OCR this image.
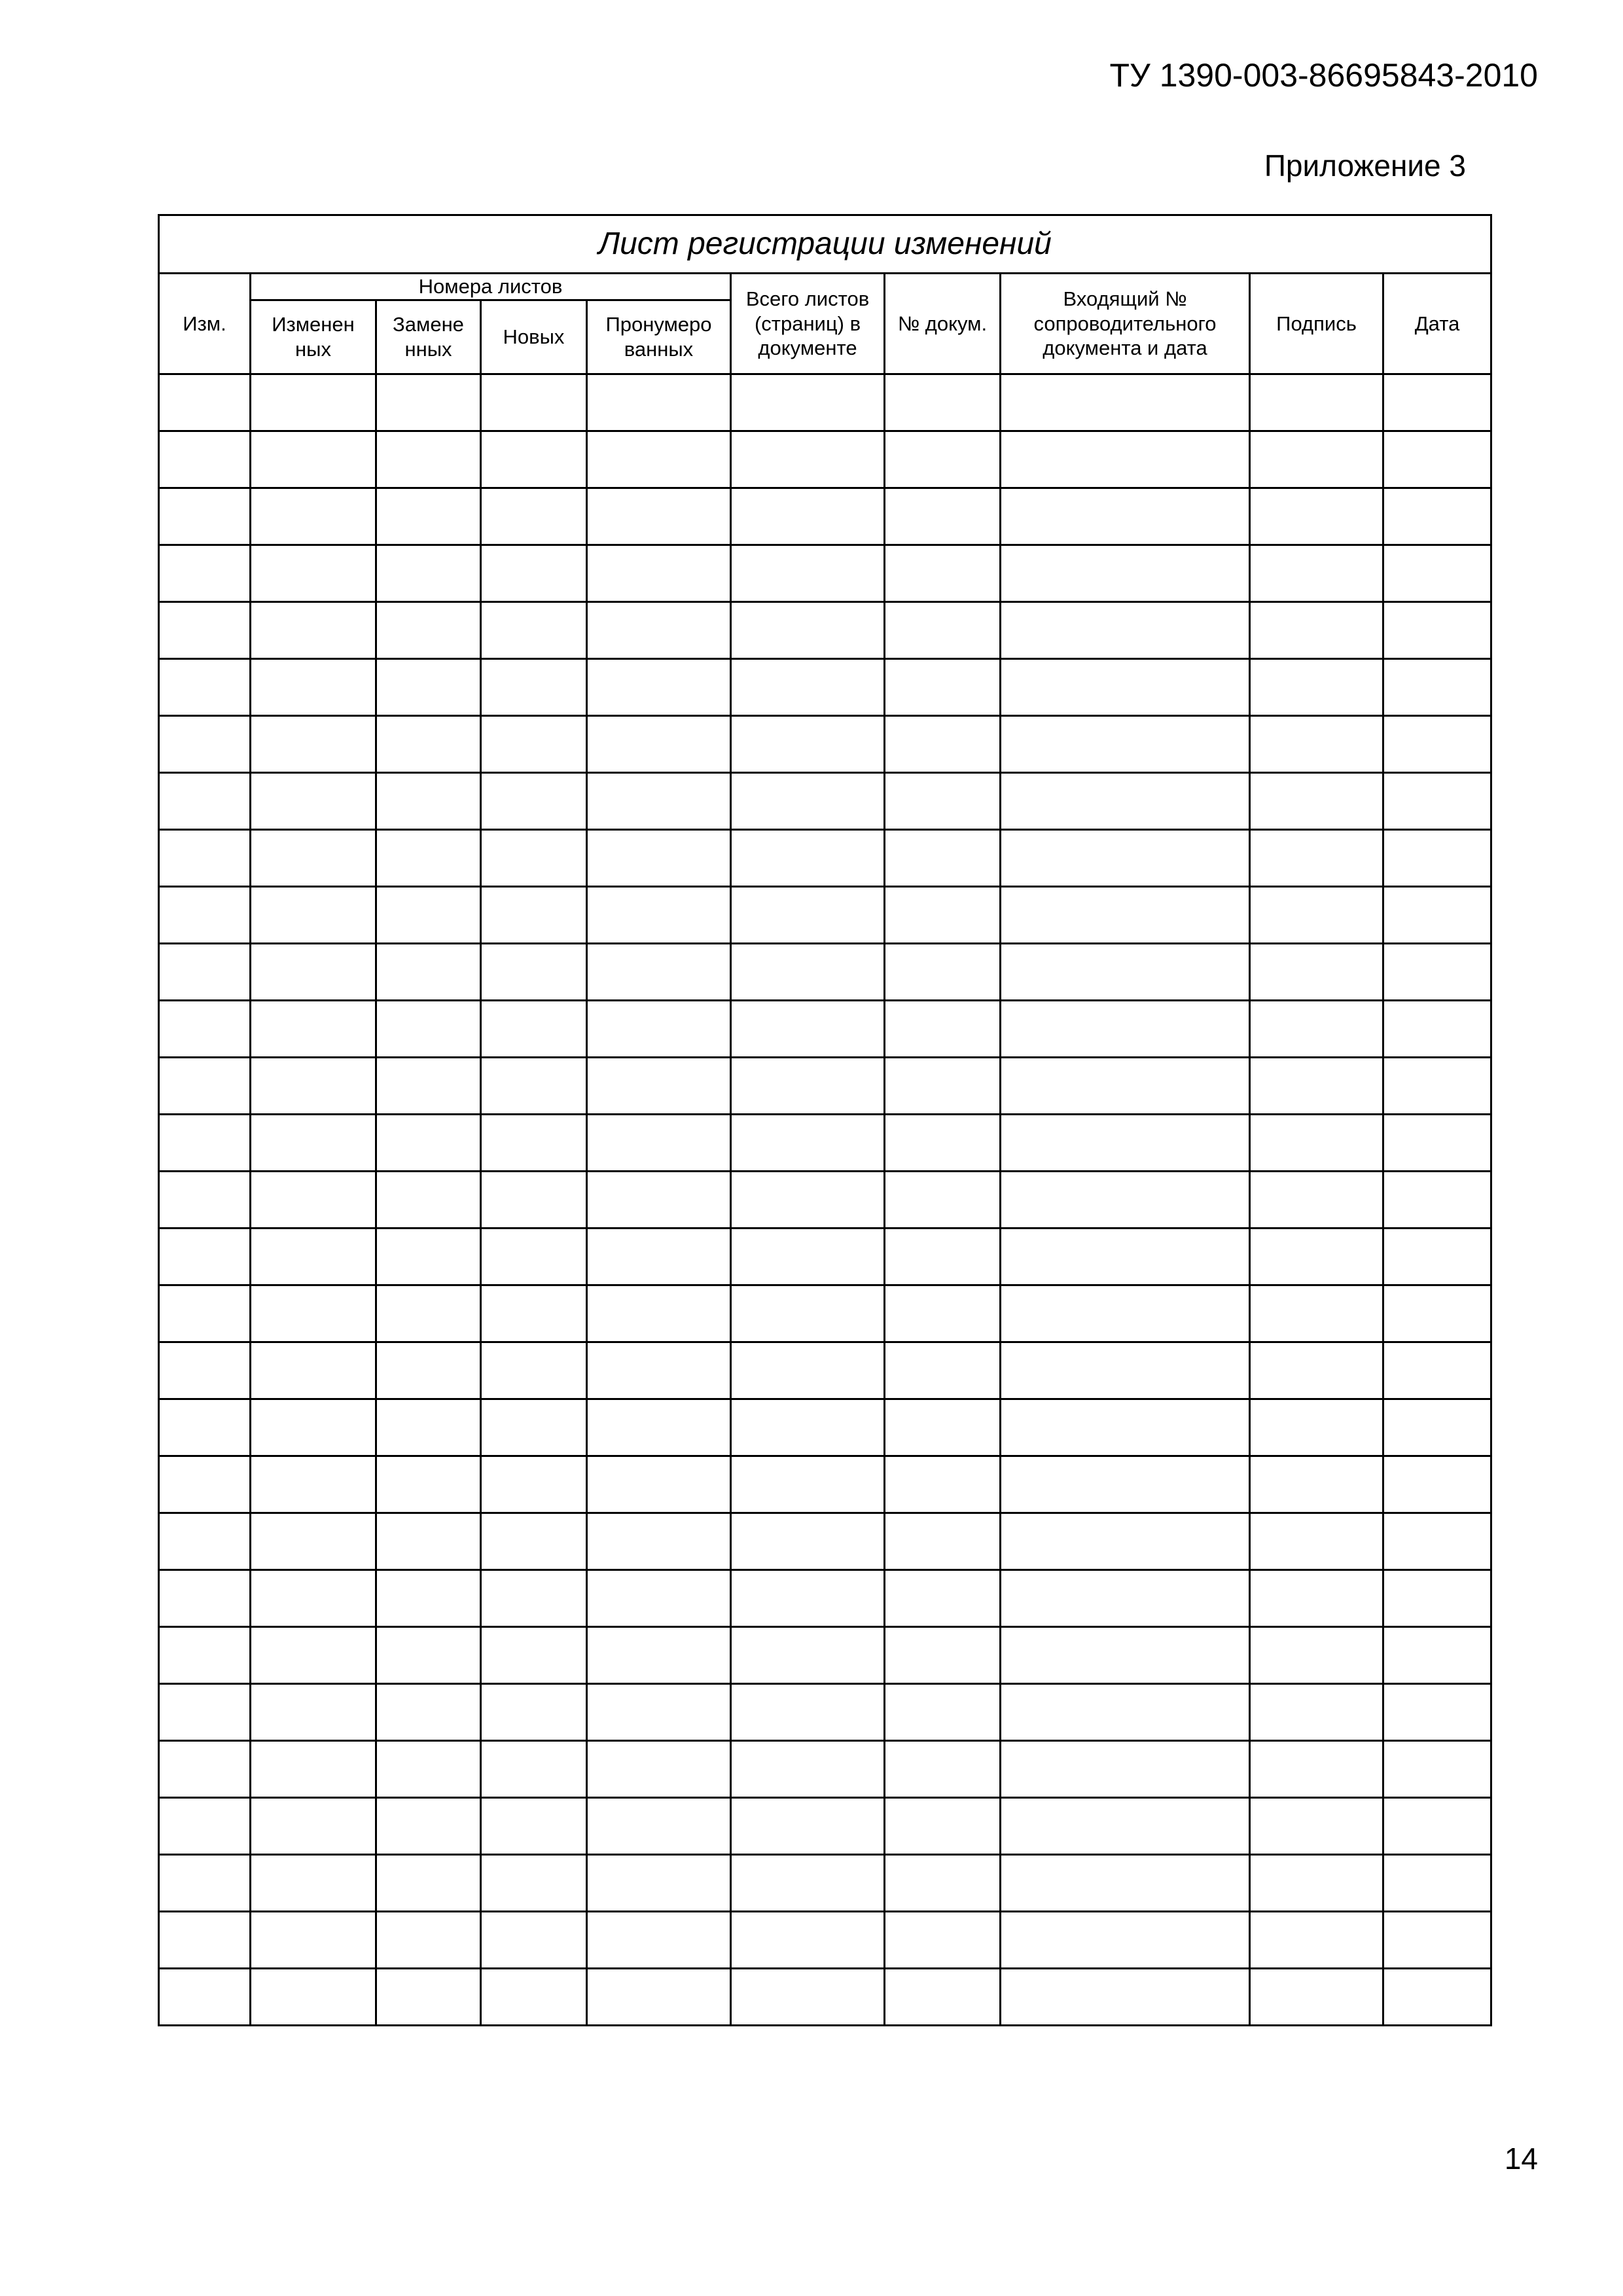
ТУ 1390-003-86695843-2010
Приложение 3
Лист регистрации изменений									
Изм.	Номера листов				Всего листов (страниц) в документе	№ докум.	Входящий № сопроводительного документа и дата	Подпись	Дата
	Изменен ных	Замене нных	Новых	Пронумеро ванных					

14
